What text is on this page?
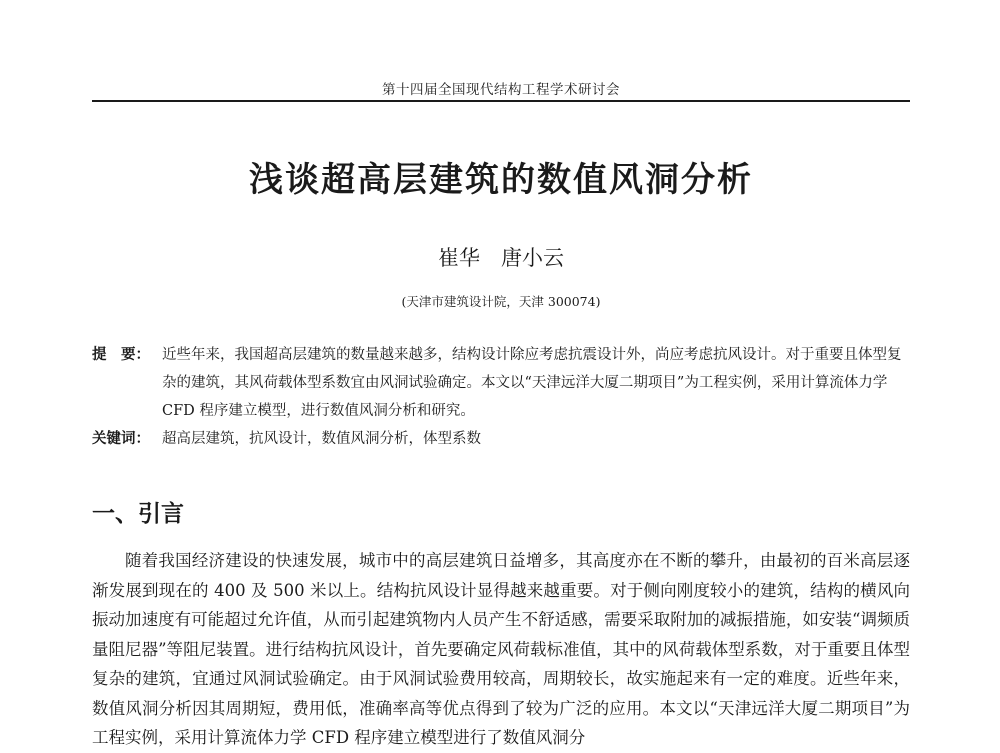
第十四届全国现代结构工程学术研讨会
浅谈超高层建筑的数值风洞分析
崔华　唐小云
(天津市建筑设计院，天津 300074)
提　要： 近些年来，我国超高层建筑的数量越来越多，结构设计除应考虑抗震设计外，尚应考虑抗风设计。对于重要且体型复杂的建筑，其风荷载体型系数宜由风洞试验确定。本文以“天津远洋大厦二期项目”为工程实例，采用计算流体力学 CFD 程序建立模型，进行数值风洞分析和研究。
关键词： 超高层建筑，抗风设计，数值风洞分析，体型系数
一、引言
随着我国经济建设的快速发展，城市中的高层建筑日益增多，其高度亦在不断的攀升，由最初的百米高层逐渐发展到现在的 400 及 500 米以上。结构抗风设计显得越来越重要。对于侧向刚度较小的建筑，结构的横风向振动加速度有可能超过允许值，从而引起建筑物内人员产生不舒适感，需要采取附加的减振措施，如安装“调频质量阻尼器”等阻尼装置。进行结构抗风设计，首先要确定风荷载标准值，其中的风荷载体型系数，对于重要且体型复杂的建筑，宜通过风洞试验确定。由于风洞试验费用较高，周期较长，故实施起来有一定的难度。近些年来，数值风洞分析因其周期短，费用低，准确率高等优点得到了较为广泛的应用。本文以“天津远洋大厦二期项目”为工程实例，采用计算流体力学 CFD 程序建立模型进行了数值风洞分
